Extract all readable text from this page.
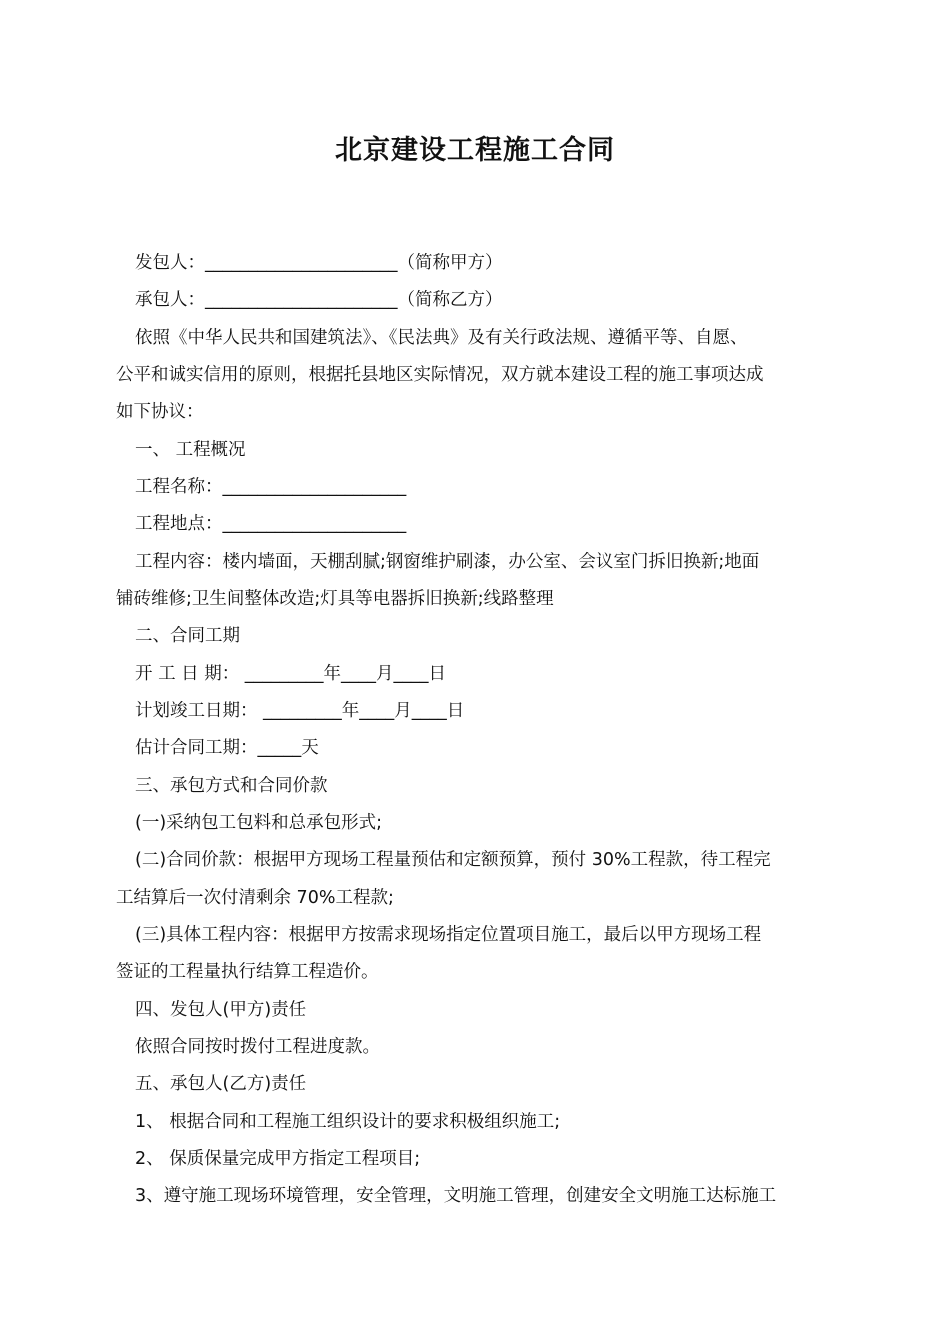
北京建设工程施工合同
发包人：______________________（简称甲方）
承包人：______________________（简称乙方）
依照《中华人民共和国建筑法》、《民法典》及有关行政法规、遵循平等、自愿、
公平和诚实信用的原则，根据托县地区实际情况，双方就本建设工程的施工事项达成
如下协议：
一、 工程概况
工程名称：_____________________
工程地点：_____________________
工程内容：楼内墙面，天棚刮腻;钢窗维护刷漆，办公室、会议室门拆旧换新;地面
铺砖维修;卫生间整体改造;灯具等电器拆旧换新;线路整理
二、合同工期
开 工 日 期： _________年____月____日
计划竣工日期： _________年____月____日
估计合同工期：_____天
三、承包方式和合同价款
(一)采纳包工包料和总承包形式;
(二)合同价款：根据甲方现场工程量预估和定额预算，预付 30%工程款，待工程完
工结算后一次付清剩余 70%工程款;
(三)具体工程内容：根据甲方按需求现场指定位置项目施工，最后以甲方现场工程
签证的工程量执行结算工程造价。
四、发包人(甲方)责任
依照合同按时拨付工程进度款。
五、承包人(乙方)责任
1、 根据合同和工程施工组织设计的要求积极组织施工;
2、 保质保量完成甲方指定工程项目;
3、遵守施工现场环境管理，安全管理，文明施工管理，创建安全文明施工达标施工
